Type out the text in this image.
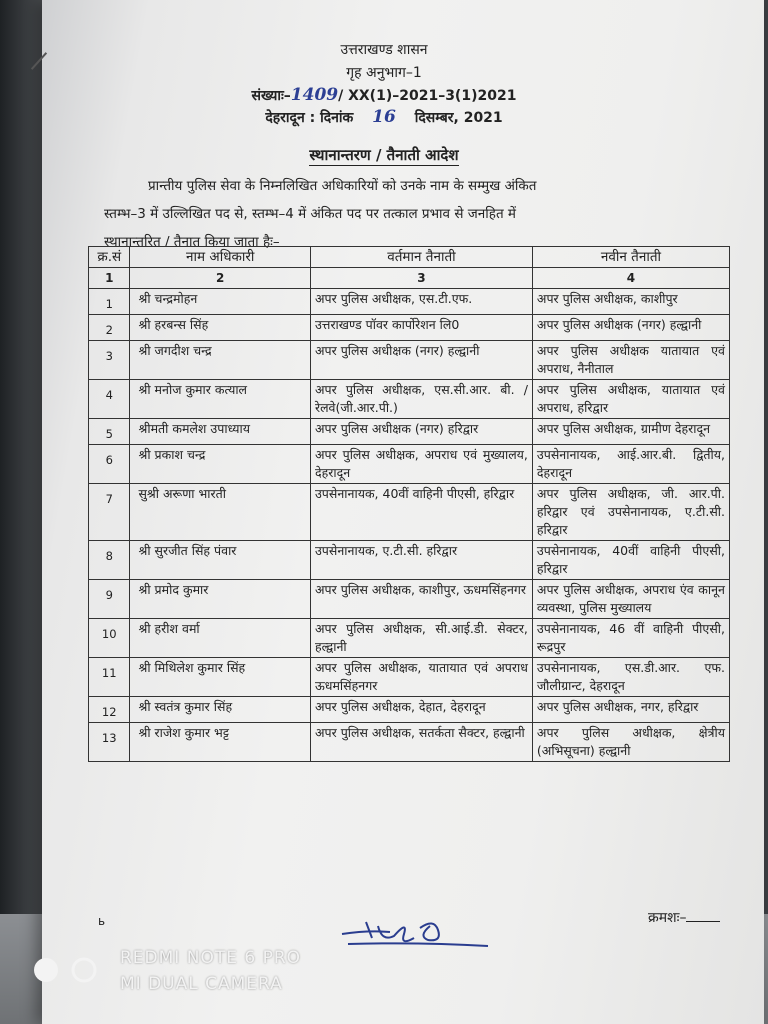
उत्तराखण्ड शासन
गृह अनुभाग–1
संख्याः–1409/ XX(1)–2021–3(1)2021
देहरादून : दिनांक 16 दिसम्बर, 2021
स्थानान्तरण / तैनाती आदेश
प्रान्तीय पुलिस सेवा के निम्नलिखित अधिकारियों को उनके नाम के सम्मुख अंकित
स्तम्भ–3 में उल्लिखित पद से, स्तम्भ–4 में अंकित पद पर तत्काल प्रभाव से जनहित में
स्थानान्तरित / तैनात किया जाता हैः–
क्र.सं	नाम अधिकारी	वर्तमान तैनाती	नवीन तैनाती
1	2	3	4
1	श्री चन्द्रमोहन	अपर पुलिस अधीक्षक, एस.टी.एफ.	अपर पुलिस अधीक्षक, काशीपुर
2	श्री हरबन्स सिंह	उत्तराखण्ड पॉवर कार्पोरेशन लि0	अपर पुलिस अधीक्षक (नगर) हल्द्वानी
3	श्री जगदीश चन्द्र	अपर पुलिस अधीक्षक (नगर) हल्द्वानी	अपर पुलिस अधीक्षक यातायात एवं अपराध, नैनीताल
4	श्री मनोज कुमार कत्याल	अपर पुलिस अधीक्षक, एस.सी.आर. बी. / रेलवे(जी.आर.पी.)	अपर पुलिस अधीक्षक, यातायात एवं अपराध, हरिद्वार
5	श्रीमती कमलेश उपाध्याय	अपर पुलिस अधीक्षक (नगर) हरिद्वार	अपर पुलिस अधीक्षक, ग्रामीण देहरादून
6	श्री प्रकाश चन्द्र	अपर पुलिस अधीक्षक, अपराध एवं मुख्यालय, देहरादून	उपसेनानायक, आई.आर.बी. द्वितीय, देहरादून
7	सुश्री अरूणा भारती	उपसेनानायक, 40वीं वाहिनी पीएसी, हरिद्वार	अपर पुलिस अधीक्षक, जी. आर.पी. हरिद्वार एवं उपसेनानायक, ए.टी.सी. हरिद्वार
8	श्री सुरजीत सिंह पंवार	उपसेनानायक, ए.टी.सी. हरिद्वार	उपसेनानायक, 40वीं वाहिनी पीएसी, हरिद्वार
9	श्री प्रमोद कुमार	अपर पुलिस अधीक्षक, काशीपुर, ऊधमसिंहनगर	अपर पुलिस अधीक्षक, अपराध एंव कानून व्यवस्था, पुलिस मुख्यालय
10	श्री हरीश वर्मा	अपर पुलिस अधीक्षक, सी.आई.डी. सेक्टर, हल्द्वानी	उपसेनानायक, 46 वीं वाहिनी पीएसी, रूद्रपुर
11	श्री मिथिलेश कुमार सिंह	अपर पुलिस अधीक्षक, यातायात एवं अपराध ऊधमसिंहनगर	उपसेनानायक, एस.डी.आर. एफ. जौलीग्रान्ट, देहरादून
12	श्री स्वतंत्र कुमार सिंह	अपर पुलिस अधीक्षक, देहात, देहरादून	अपर पुलिस अधीक्षक, नगर, हरिद्वार
13	श्री राजेश कुमार भट्ट	अपर पुलिस अधीक्षक, सतर्कता सैक्टर, हल्द्वानी	अपर पुलिस अधीक्षक, क्षेत्रीय (अभिसूचना) हल्द्वानी
ь	क्रमशः–
REDMI NOTE 6 PRO
MI DUAL CAMERA
